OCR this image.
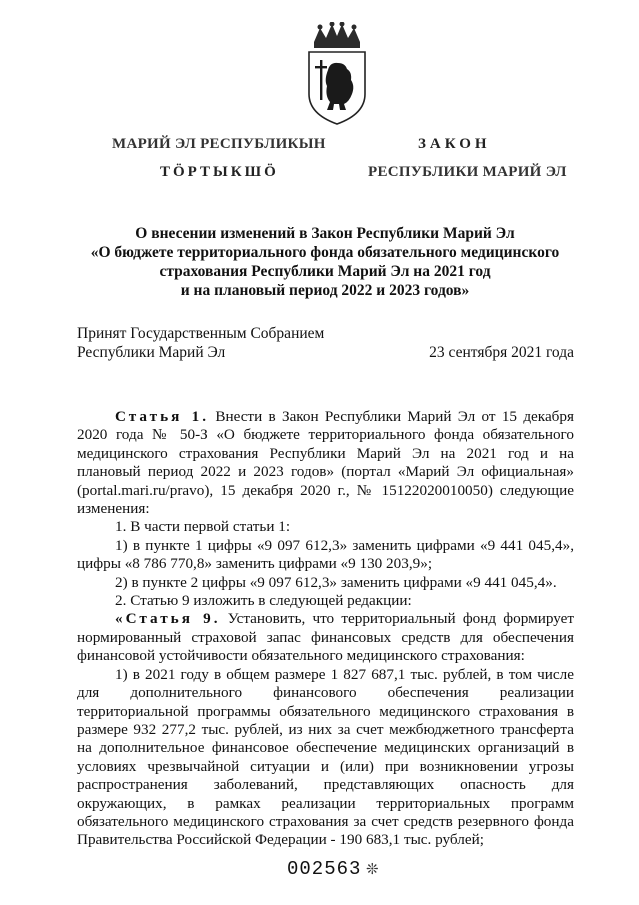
МАРИЙ ЭЛ РЕСПУБЛИКЫН
ТӦРТЫКШӦ
ЗАКОН
РЕСПУБЛИКИ МАРИЙ ЭЛ
О внесении изменений в Закон Республики Марий Эл
«О бюджете территориального фонда обязательного медицинского
страхования Республики Марий Эл на 2021 год
и на плановый период 2022 и 2023 годов»
Принят Государственным Собранием
Республики Марий Эл	23 сентября 2021 года

Статья 1. Внести в Закон Республики Марий Эл от 15 декабря 2020 года № 50-З «О бюджете территориального фонда обязательного медицинского страхования Республики Марий Эл на 2021 год и на плановый период 2022 и 2023 годов» (портал «Марий Эл официальная» (portal.mari.ru/pravo), 15 декабря 2020 г., № 15122020010050) следующие изменения:

1. В части первой статьи 1:

1) в пункте 1 цифры «9 097 612,3» заменить цифрами «9 441 045,4», цифры «8 786 770,8» заменить цифрами «9 130 203,9»;

2) в пункте 2 цифры «9 097 612,3» заменить цифрами «9 441 045,4».

2. Статью 9 изложить в следующей редакции:

«Статья 9. Установить, что территориальный фонд формирует нормированный страховой запас финансовых средств для обеспечения финансовой устойчивости обязательного медицинского страхования:

1) в 2021 году в общем размере 1 827 687,1 тыс. рублей, в том числе для дополнительного финансового обеспечения реализации территориальной программы обязательного медицинского страхования в размере 932 277,2 тыс. рублей, из них за счет межбюджетного трансферта на дополнительное финансовое обеспечение медицинских организаций в условиях чрезвычайной ситуации и (или) при возникновении угрозы распространения заболеваний, представляющих опасность для окружающих, в рамках реализации территориальных программ обязательного медицинского страхования за счет средств резервного фонда Правительства Российской Федерации - 190 683,1 тыс. рублей;

002563 ❊
